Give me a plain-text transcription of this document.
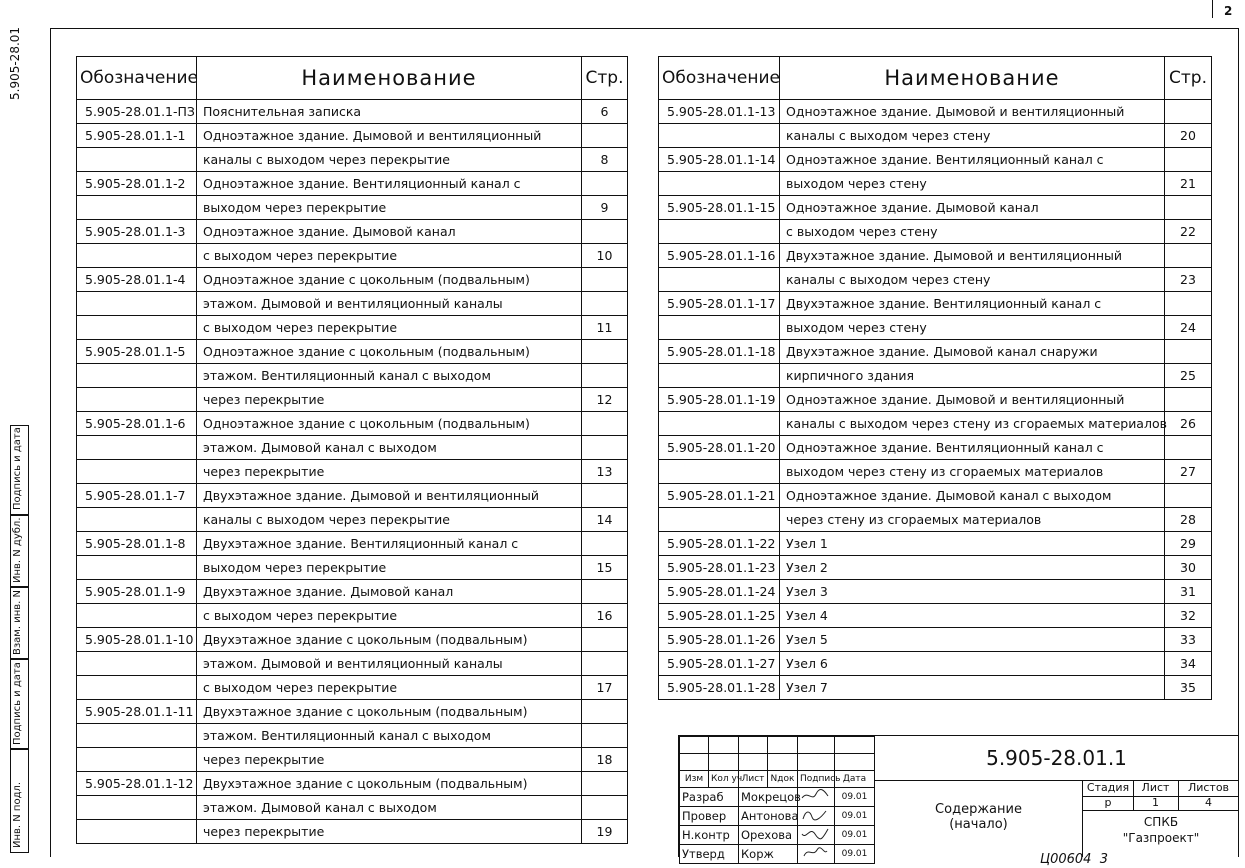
2
5.905-28.01
Подпись и дата
Инв. N дубл.
Взам. инв. N
Подпись и дата
Инв. N подл.
Обозначение	Наименование	Стр.
5.905-28.01.1-ПЗ	Пояснительная записка	6
5.905-28.01.1-1	Одноэтажное здание. Дымовой и вентиляционный	
	каналы с выходом через перекрытие	8
5.905-28.01.1-2	Одноэтажное здание. Вентиляционный канал с	
	выходом через перекрытие	9
5.905-28.01.1-3	Одноэтажное здание. Дымовой канал	
	с выходом через перекрытие	10
5.905-28.01.1-4	Одноэтажное здание с цокольным (подвальным)	
	этажом. Дымовой и вентиляционный каналы	
	с выходом через перекрытие	11
5.905-28.01.1-5	Одноэтажное здание с цокольным (подвальным)	
	этажом. Вентиляционный канал с выходом	
	через перекрытие	12
5.905-28.01.1-6	Одноэтажное здание с цокольным (подвальным)	
	этажом. Дымовой канал с выходом	
	через перекрытие	13
5.905-28.01.1-7	Двухэтажное здание. Дымовой и вентиляционный	
	каналы с выходом через перекрытие	14
5.905-28.01.1-8	Двухэтажное здание. Вентиляционный канал с	
	выходом через перекрытие	15
5.905-28.01.1-9	Двухэтажное здание. Дымовой канал	
	с выходом через перекрытие	16
5.905-28.01.1-10	Двухэтажное здание с цокольным (подвальным)	
	этажом. Дымовой и вентиляционный каналы	
	с выходом через перекрытие	17
5.905-28.01.1-11	Двухэтажное здание с цокольным (подвальным)	
	этажом. Вентиляционный канал с выходом	
	через перекрытие	18
5.905-28.01.1-12	Двухэтажное здание с цокольным (подвальным)	
	этажом. Дымовой канал с выходом	
	через перекрытие	19
Обозначение	Наименование	Стр.
5.905-28.01.1-13	Одноэтажное здание. Дымовой и вентиляционный	
	каналы с выходом через стену	20
5.905-28.01.1-14	Одноэтажное здание. Вентиляционный канал с	
	выходом через стену	21
5.905-28.01.1-15	Одноэтажное здание. Дымовой канал	
	с выходом через стену	22
5.905-28.01.1-16	Двухэтажное здание. Дымовой и вентиляционный	
	каналы с выходом через стену	23
5.905-28.01.1-17	Двухэтажное здание. Вентиляционный канал с	
	выходом через стену	24
5.905-28.01.1-18	Двухэтажное здание. Дымовой канал снаружи	
	кирпичного здания	25
5.905-28.01.1-19	Одноэтажное здание. Дымовой и вентиляционный	
	каналы с выходом через стену из сгораемых материалов	26
5.905-28.01.1-20	Одноэтажное здание. Вентиляционный канал с	
	выходом через стену из сгораемых материалов	27
5.905-28.01.1-21	Одноэтажное здание. Дымовой канал с выходом	
	через стену из сгораемых материалов	28
5.905-28.01.1-22	Узел 1	29
5.905-28.01.1-23	Узел 2	30
5.905-28.01.1-24	Узел 3	31
5.905-28.01.1-25	Узел 4	32
5.905-28.01.1-26	Узел 5	33
5.905-28.01.1-27	Узел 6	34
5.905-28.01.1-28	Узел 7	35

Изм	Кол уч	Лист	Nдок	Подпись	Дата
Разраб		Мокрецов			09.01
Провер		Антонова			09.01
Н.контр		Орехова			09.01
Утверд		Корж			09.01
5.905-28.01.1
Содержание
(начало)
Стадия	Лист	Листов
р	1	4
СПКБ
"Газпроект"
Ц00604  3
